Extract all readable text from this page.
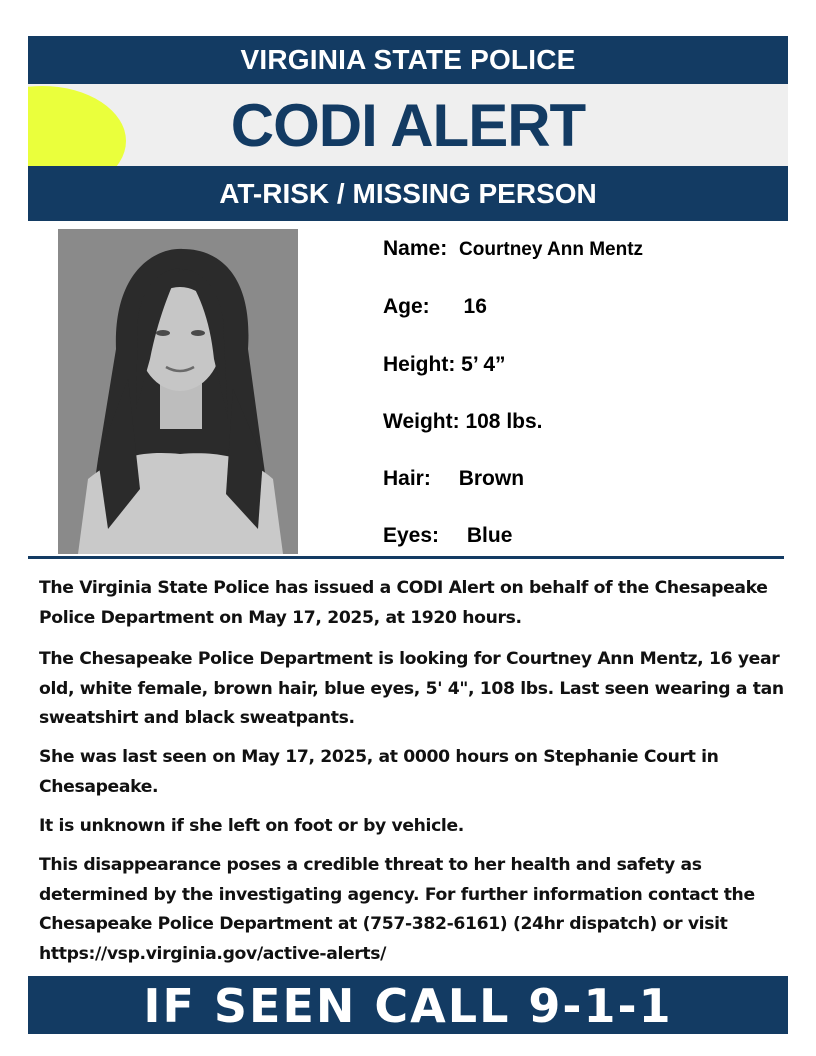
VIRGINIA STATE POLICE
CODI ALERT
AT-RISK / MISSING PERSON
Name: Courtney Ann Mentz
Age: 16
Height: 5’ 4”
Weight: 108 lbs.
Hair: Brown
Eyes: Blue
The Virginia State Police has issued a CODI Alert on behalf of the Chesapeake Police Department on May 17, 2025, at 1920 hours.
The Chesapeake Police Department is looking for Courtney Ann Mentz, 16 year old, white female, brown hair, blue eyes, 5' 4", 108 lbs. Last seen wearing a tan sweatshirt and black sweatpants.
She was last seen on May 17, 2025, at 0000 hours on Stephanie Court in Chesapeake.
It is unknown if she left on foot or by vehicle.
This disappearance poses a credible threat to her health and safety as determined by the investigating agency. For further information contact the Chesapeake Police Department at (757-382-6161) (24hr dispatch) or visit https://vsp.virginia.gov/active-alerts/
IF SEEN CALL 9-1-1
